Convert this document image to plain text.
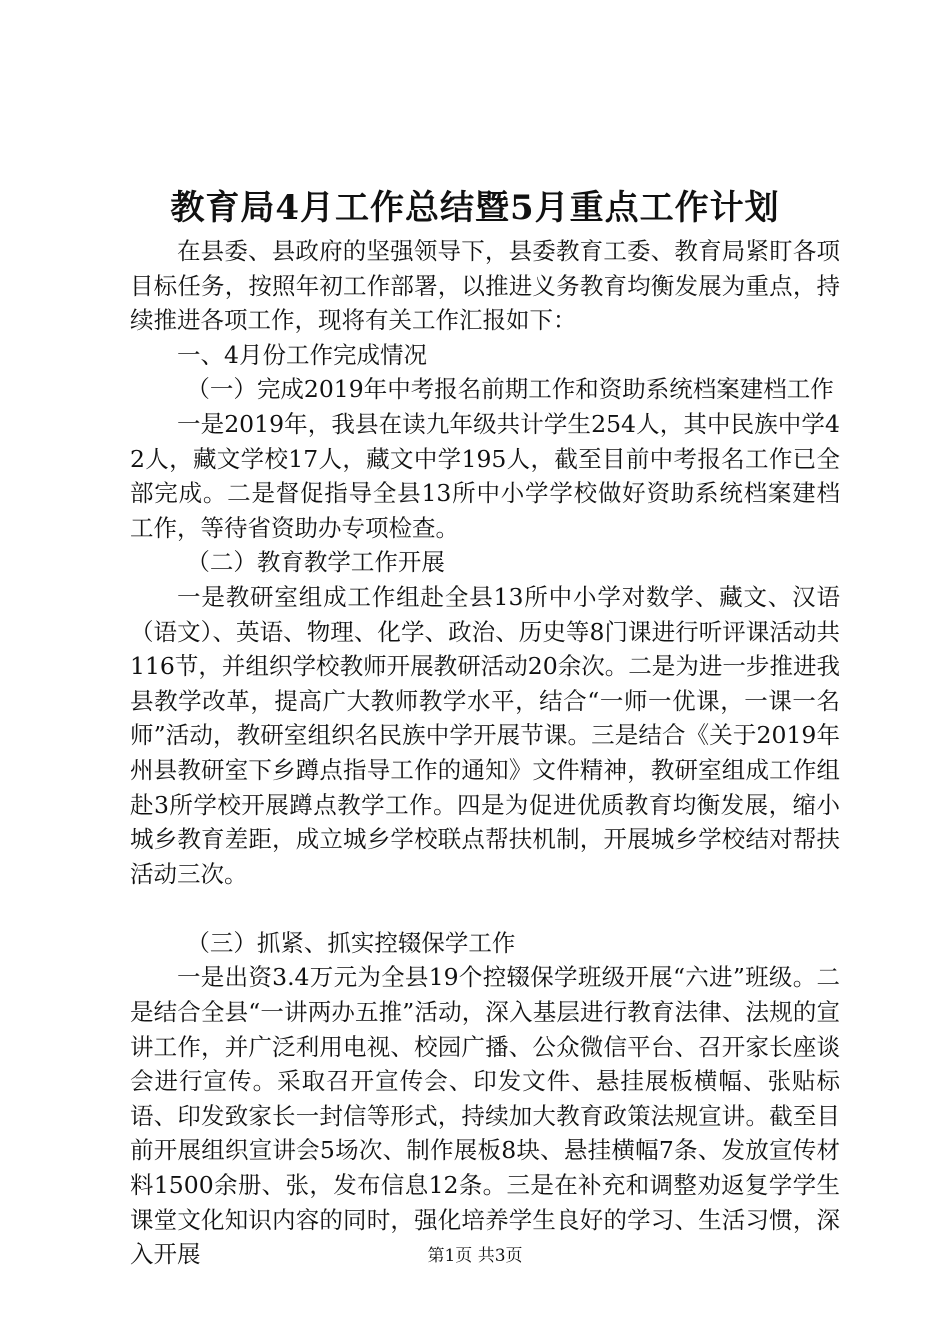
教育局4月工作总结暨5月重点工作计划

在县委、县政府的坚强领导下，县委教育工委、教育局紧盯各项目标任务，按照年初工作部署，以推进义务教育均衡发展为重点，持续推进各项工作，现将有关工作汇报如下：

一、4月份工作完成情况

（一）完成2019年中考报名前期工作和资助系统档案建档工作

一是2019年，我县在读九年级共计学生254人，其中民族中学42人，藏文学校17人，藏文中学195人，截至目前中考报名工作已全部完成。二是督促指导全县13所中小学学校做好资助系统档案建档工作，等待省资助办专项检查。

（二）教育教学工作开展

一是教研室组成工作组赴全县13所中小学对数学、藏文、汉语（语文）、英语、物理、化学、政治、历史等8门课进行听评课活动共116节，并组织学校教师开展教研活动20余次。二是为进一步推进我县教学改革，提高广大教师教学水平，结合“一师一优课，一课一名师”活动，教研室组织名民族中学开展节课。三是结合《关于2019年州县教研室下乡蹲点指导工作的通知》文件精神，教研室组成工作组赴3所学校开展蹲点教学工作。四是为促进优质教育均衡发展，缩小城乡教育差距，成立城乡学校联点帮扶机制，开展城乡学校结对帮扶活动三次。

（三）抓紧、抓实控辍保学工作

一是出资3.4万元为全县19个控辍保学班级开展“六进”班级。二是结合全县“一讲两办五推”活动，深入基层进行教育法律、法规的宣讲工作，并广泛利用电视、校园广播、公众微信平台、召开家长座谈会进行宣传。采取召开宣传会、印发文件、悬挂展板横幅、张贴标语、印发致家长一封信等形式，持续加大教育政策法规宣讲。截至目前开展组织宣讲会5场次、制作展板8块、悬挂横幅7条、发放宣传材料1500余册、张，发布信息12条。三是在补充和调整劝返复学学生课堂文化知识内容的同时，强化培养学生良好的学习、生活习惯，深入开展	第1页 共3页
